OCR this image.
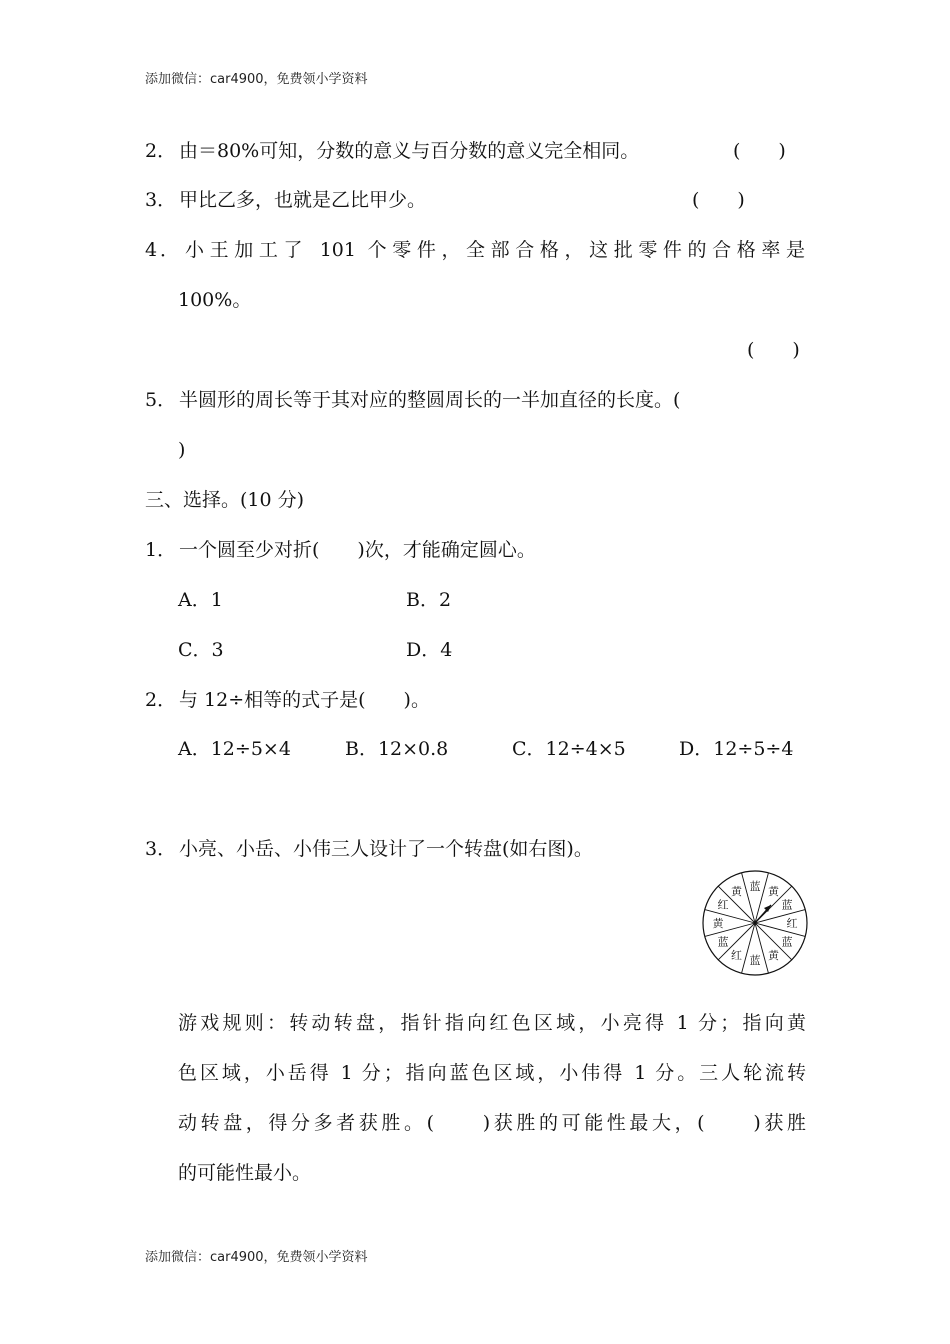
添加微信：car4900，免费领小学资料
2． 由＝80%可知，分数的意义与百分数的意义完全相同。	(　　)
3． 甲比乙多，也就是乙比甲少。	(　　)
4． 小王加工了 101 个零件，全部合格，这批零件的合格率是
100%。
(　　)
5． 半圆形的周长等于其对应的整圆周长的一半加直径的长度。(
)
三、选择。(10 分)
1． 一个圆至少对折(　　)次，才能确定圆心。
A．1	B．2
C．3	D．4
2． 与 12÷相等的式子是(　　)。
A．12÷5×4	B．12×0.8	C．12÷4×5	D．12÷5÷4
3． 小亮、小岳、小伟三人设计了一个转盘(如右图)。
蓝 黄
蓝
红
蓝
黄
蓝
红
蓝
黄
红
黄
游戏规则：转动转盘，指针指向红色区域，小亮得 1 分；指向黄
色区域，小岳得 1 分；指向蓝色区域，小伟得 1 分。三人轮流转
动转盘，得分多者获胜。(　　)获胜的可能性最大，(　　)获胜
的可能性最小。
添加微信：car4900，免费领小学资料
